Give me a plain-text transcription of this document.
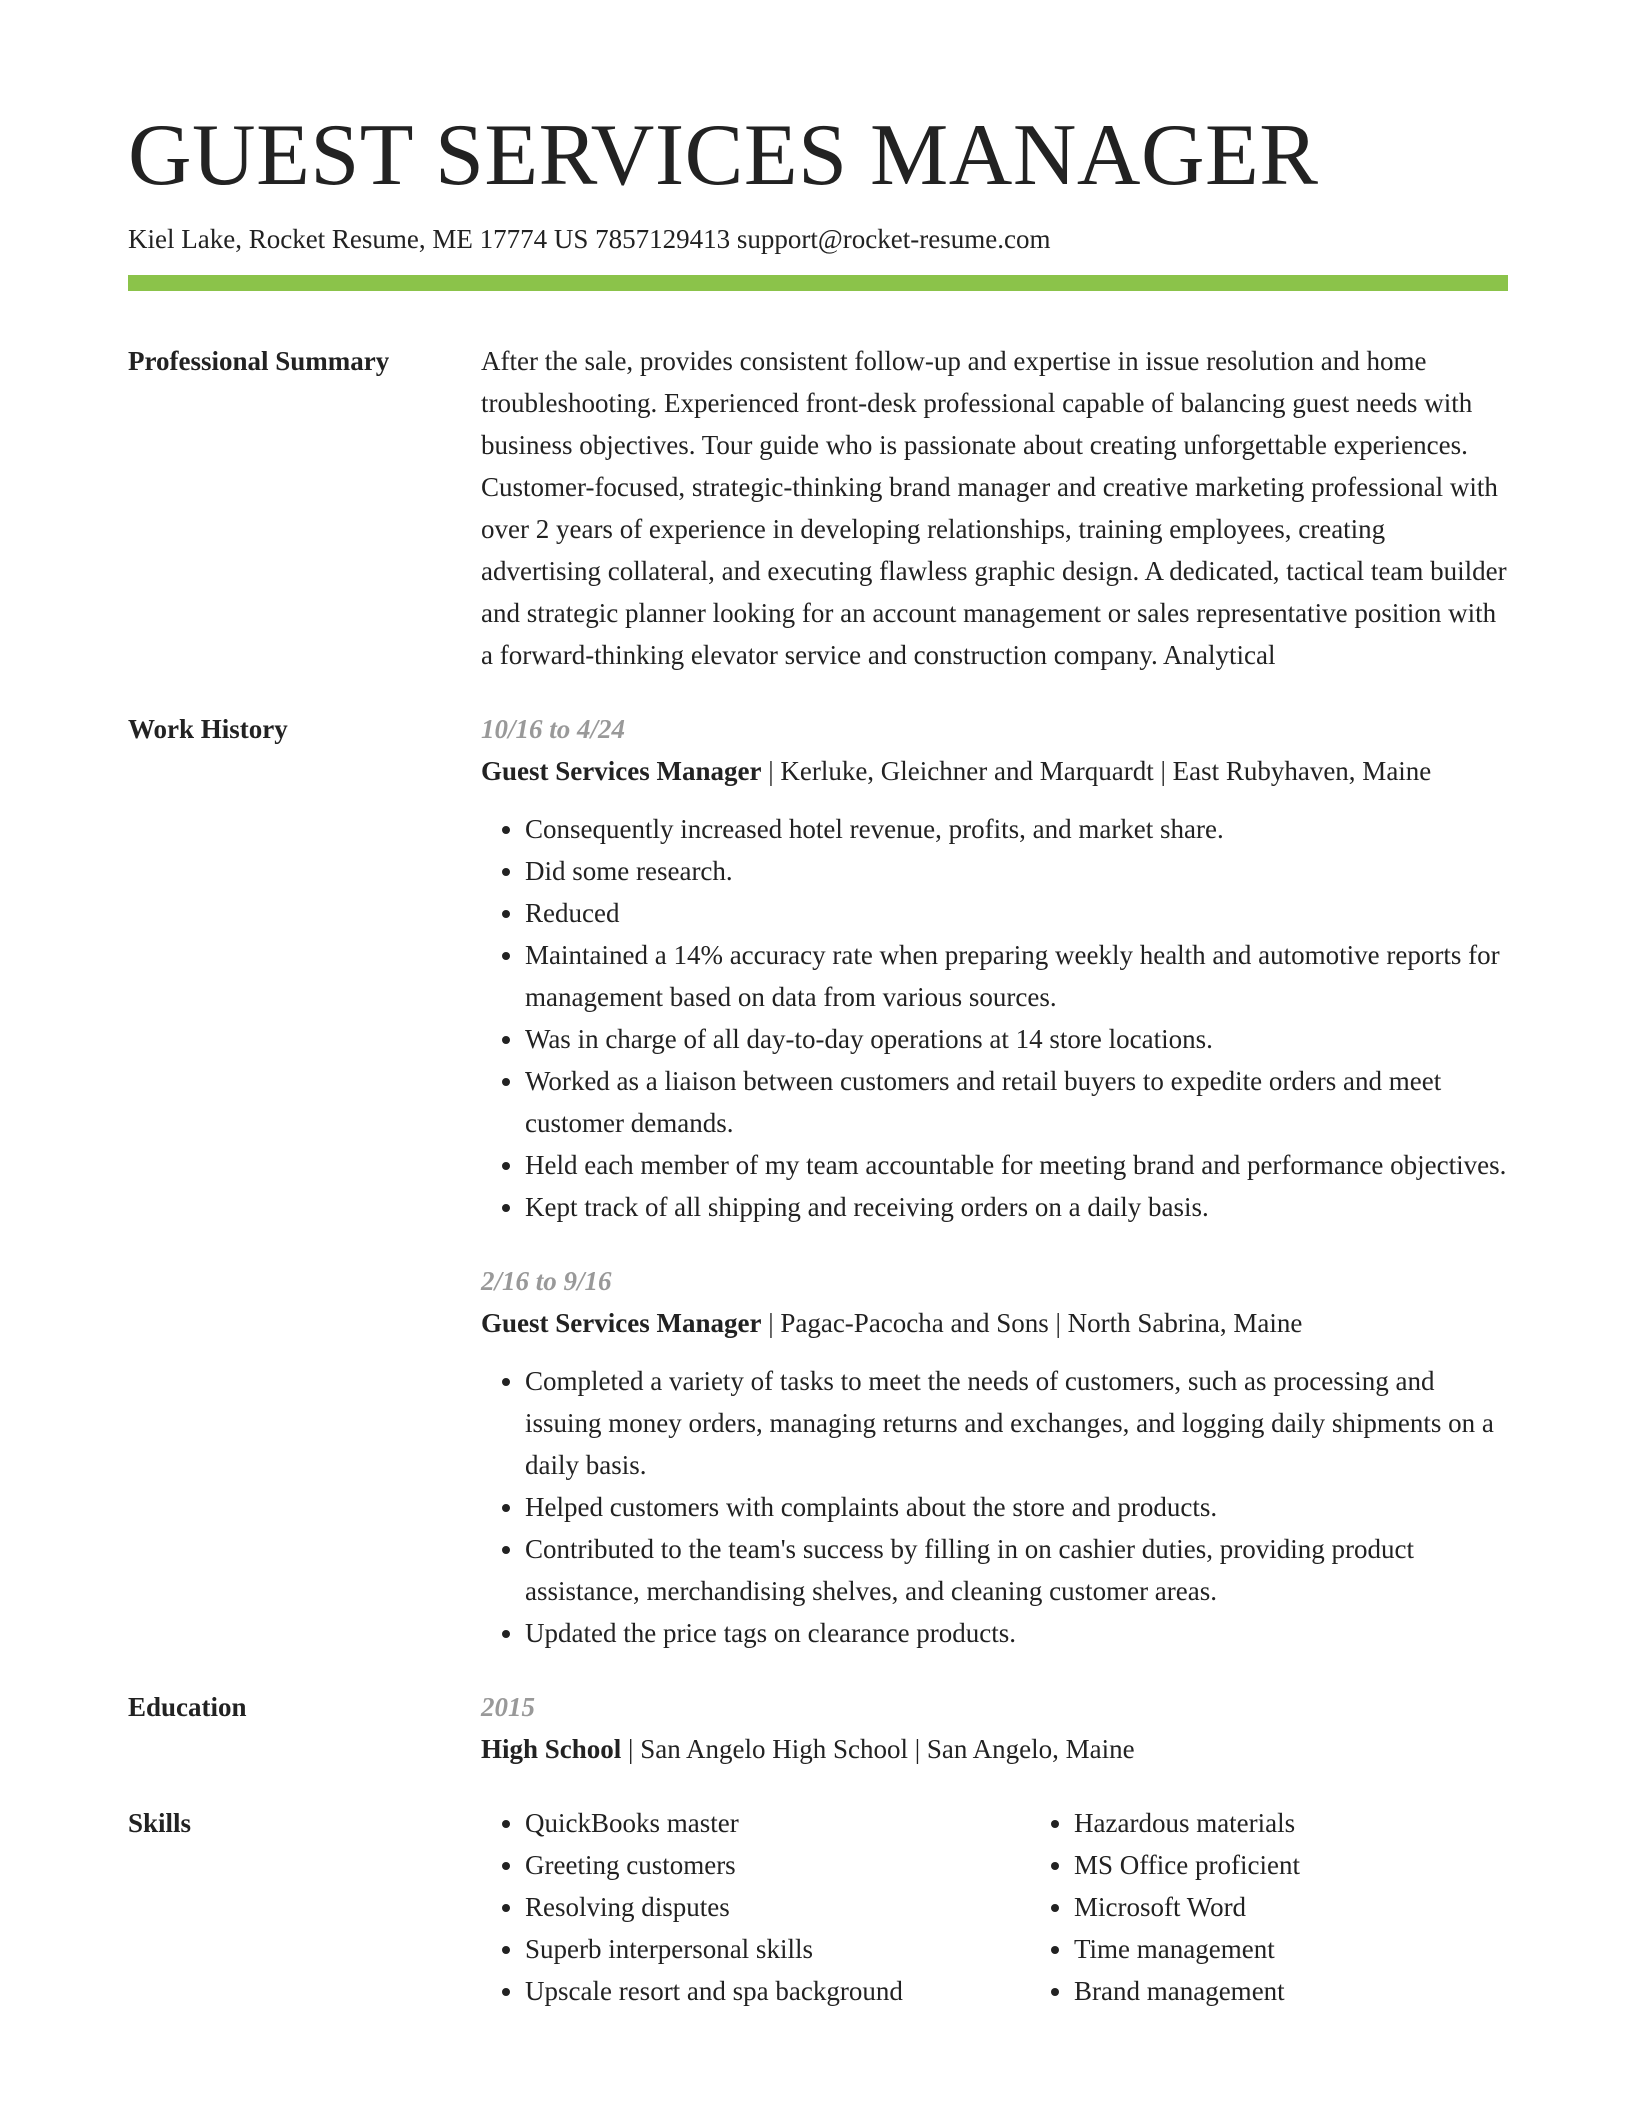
GUEST SERVICES MANAGER
Kiel Lake, Rocket Resume, ME 17774 US 7857129413 support@rocket-resume.com
Professional Summary	After the sale, provides consistent follow-up and expertise in issue resolution and home troubleshooting. Experienced front-desk professional capable of balancing guest needs with business objectives. Tour guide who is passionate about creating unforgettable experiences. Customer-focused, strategic-thinking brand manager and creative marketing professional with over 2 years of experience in developing relationships, training employees, creating advertising collateral, and executing flawless graphic design. A dedicated, tactical team builder and strategic planner looking for an account management or sales representative position with a forward-thinking elevator service and construction company. Analytical
Work History	10/16 to 4/24
Guest Services Manager | Kerluke, Gleichner and Marquardt | East Rubyhaven, Maine
• Consequently increased hotel revenue, profits, and market share.
• Did some research.
• Reduced
• Maintained a 14% accuracy rate when preparing weekly health and automotive reports for management based on data from various sources.
• Was in charge of all day-to-day operations at 14 store locations.
• Worked as a liaison between customers and retail buyers to expedite orders and meet customer demands.
• Held each member of my team accountable for meeting brand and performance objectives.
• Kept track of all shipping and receiving orders on a daily basis.
2/16 to 9/16
Guest Services Manager | Pagac-Pacocha and Sons | North Sabrina, Maine
• Completed a variety of tasks to meet the needs of customers, such as processing and issuing money orders, managing returns and exchanges, and logging daily shipments on a daily basis.
• Helped customers with complaints about the store and products.
• Contributed to the team's success by filling in on cashier duties, providing product assistance, merchandising shelves, and cleaning customer areas.
• Updated the price tags on clearance products.
Education	2015
High School | San Angelo High School | San Angelo, Maine
Skills
•	QuickBooks master
• Greeting customers
• Resolving disputes
• Superb interpersonal skills
• Upscale resort and spa background
• Hazardous materials
• MS Office proficient
• Microsoft Word
• Time management
• Brand management
